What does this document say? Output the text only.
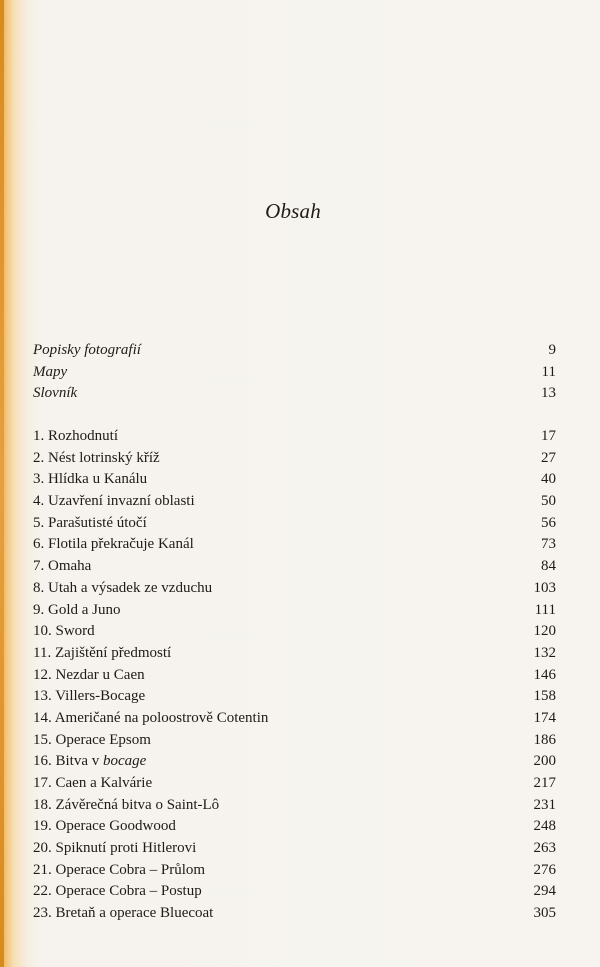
Obsah
Popisky fotografií	9
Mapy	11
Slovník	13
1. Rozhodnutí	17
2. Nést lotrinský kříž	27
3. Hlídka u Kanálu	40
4. Uzavření invazní oblasti	50
5. Parašutisté útočí	56
6. Flotila překračuje Kanál	73
7. Omaha	84
8. Utah a výsadek ze vzduchu	103
9. Gold a Juno	111
10. Sword	120
11. Zajištění předmostí	132
12. Nezdar u Caen	146
13. Villers-Bocage	158
14. Američané na poloostrově Cotentin	174
15. Operace Epsom	186
16. Bitva v bocage	200
17. Caen a Kalvárie	217
18. Závěrečná bitva o Saint-Lô	231
19. Operace Goodwood	248
20. Spiknutí proti Hitlerovi	263
21. Operace Cobra – Průlom	276
22. Operace Cobra – Postup	294
23. Bretaň a operace Bluecoat	305
